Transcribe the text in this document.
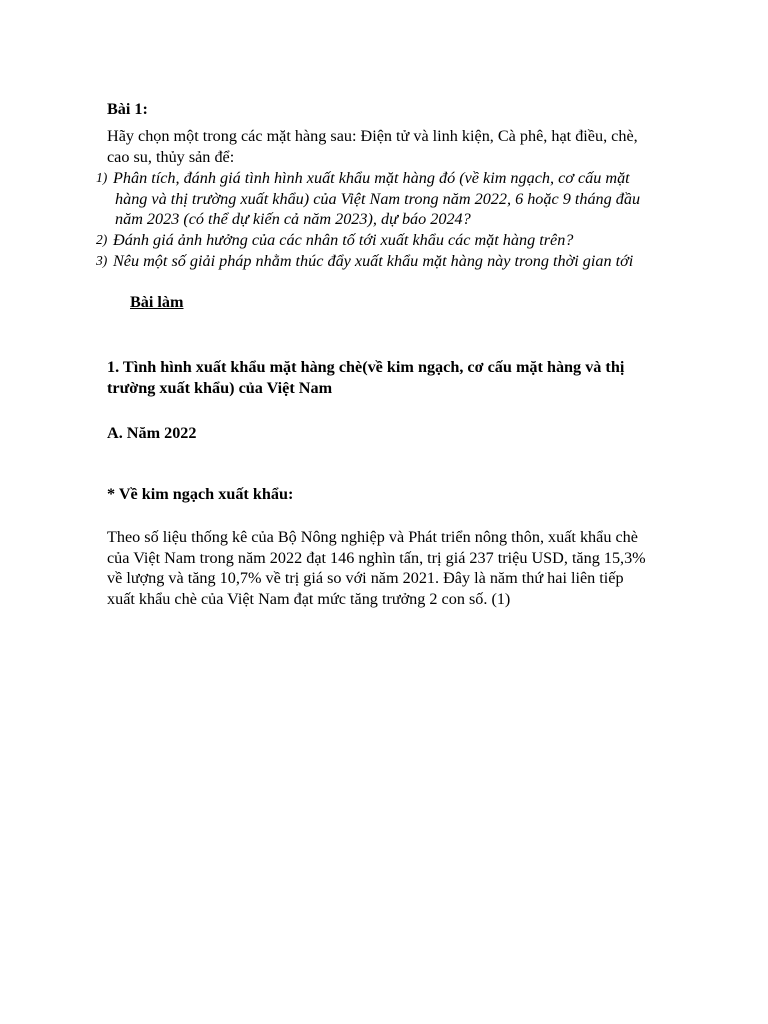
Bài 1:
Hãy chọn một trong các mặt hàng sau: Điện tử và linh kiện, Cà phê, hạt điều, chè,
cao su, thủy sản để:
1) Phân tích, đánh giá tình hình xuất khẩu mặt hàng đó (về kim ngạch, cơ cấu mặt
hàng và thị trường xuất khẩu) của Việt Nam trong năm 2022, 6 hoặc 9 tháng đầu
năm 2023 (có thể dự kiến cả năm 2023), dự báo 2024?
2) Đánh giá ảnh hưởng của các nhân tố tới xuất khẩu các mặt hàng trên?
3) Nêu một số giải pháp nhằm thúc đẩy xuất khẩu mặt hàng này trong thời gian tới
Bài làm
1. Tình hình xuất khẩu mặt hàng chè(về kim ngạch, cơ cấu mặt hàng và thị
trường xuất khẩu) của Việt Nam
A. Năm 2022
* Về kim ngạch xuất khẩu:
Theo số liệu thống kê của Bộ Nông nghiệp và Phát triển nông thôn, xuất khẩu chè
của Việt Nam trong năm 2022 đạt 146 nghìn tấn, trị giá 237 triệu USD, tăng 15,3%
về lượng và tăng 10,7% về trị giá so với năm 2021. Đây là năm thứ hai liên tiếp
xuất khẩu chè của Việt Nam đạt mức tăng trưởng 2 con số. (1)
